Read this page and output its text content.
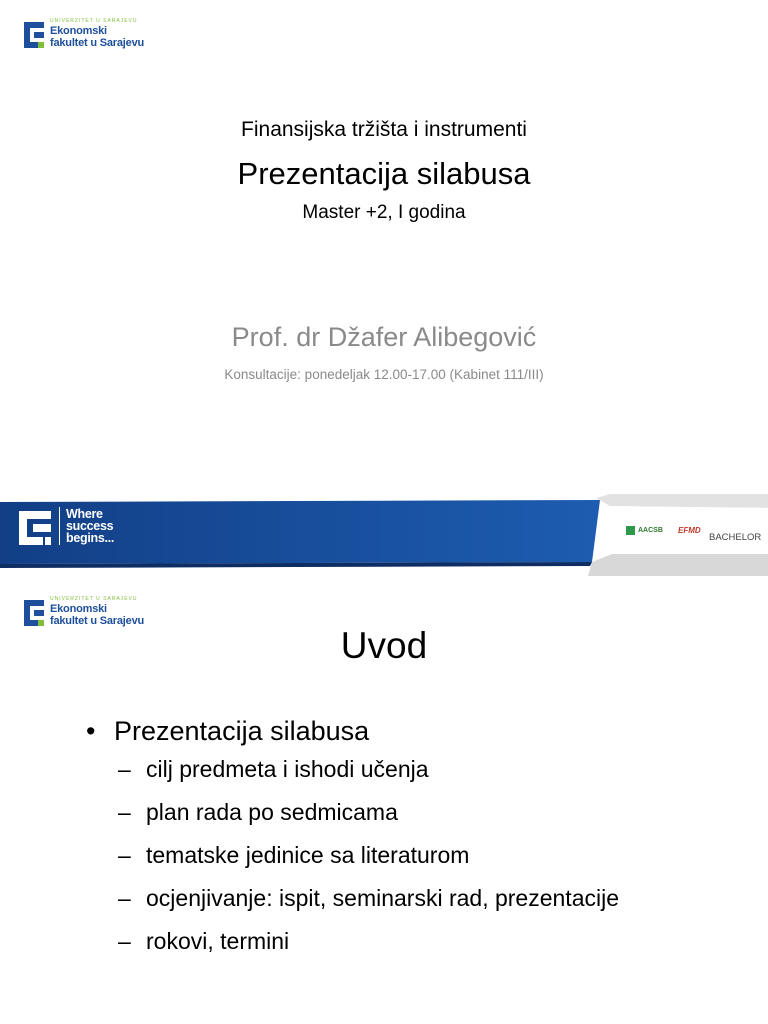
UNIVERZITET U SARAJEVU
Ekonomski
fakultet u Sarajevu
Finansijska tržišta i instrumenti
Prezentacija silabusa
Master +2, I godina
Prof. dr Džafer Alibegović
Konsultacije: ponedeljak 12.00-17.00 (Kabinet 111/III)
Where
success
begins...
AACSB EFMD
BACHELOR
UNIVERZITET U SARAJEVU
Ekonomski
fakultet u Sarajevu
Uvod
• Prezentacija silabusa
– cilj predmeta i ishodi učenja
– plan rada po sedmicama
– tematske jedinice sa literaturom
– ocjenjivanje: ispit, seminarski rad, prezentacije
– rokovi, termini
